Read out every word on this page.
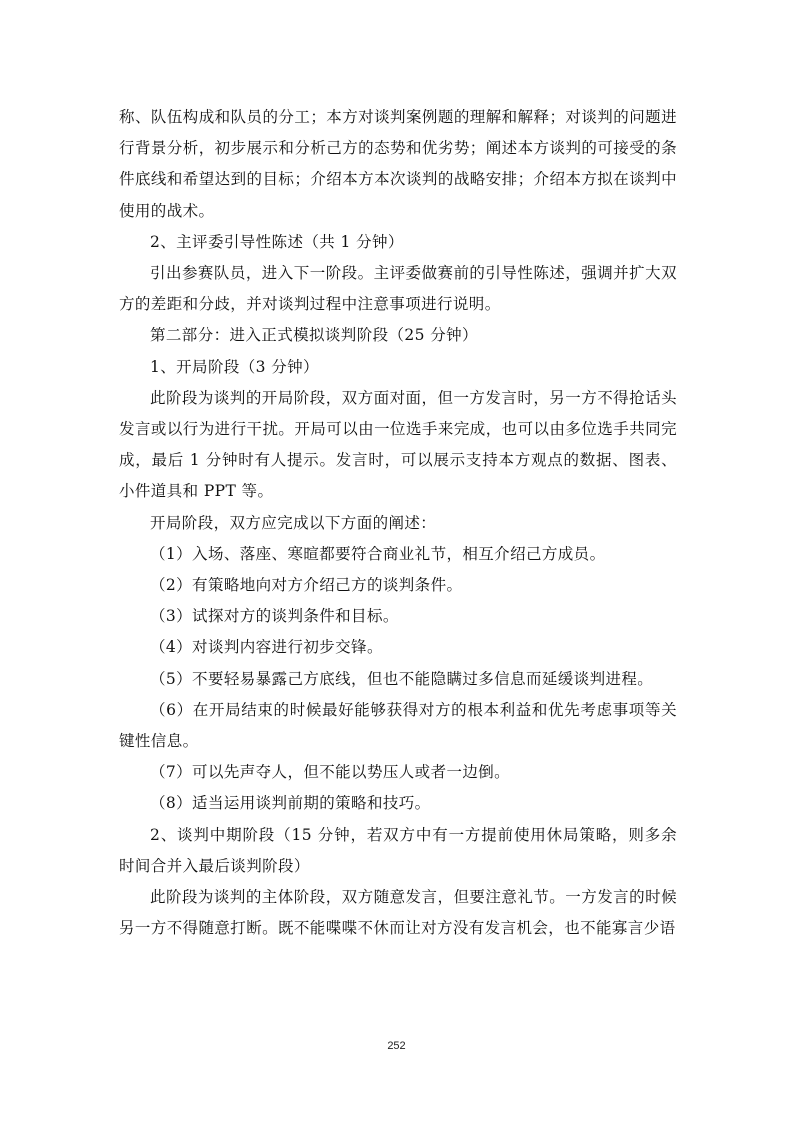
称、队伍构成和队员的分工；本方对谈判案例题的理解和解释；对谈判的问题进行背景分析，初步展示和分析己方的态势和优劣势；阐述本方谈判的可接受的条件底线和希望达到的目标；介绍本方本次谈判的战略安排；介绍本方拟在谈判中使用的战术。

2、主评委引导性陈述（共 1 分钟）

引出参赛队员，进入下一阶段。主评委做赛前的引导性陈述，强调并扩大双方的差距和分歧，并对谈判过程中注意事项进行说明。

第二部分：进入正式模拟谈判阶段（25 分钟）

1、开局阶段（3 分钟）

此阶段为谈判的开局阶段，双方面对面，但一方发言时，另一方不得抢话头发言或以行为进行干扰。开局可以由一位选手来完成，也可以由多位选手共同完成，最后 1 分钟时有人提示。发言时，可以展示支持本方观点的数据、图表、小件道具和 PPT 等。

开局阶段，双方应完成以下方面的阐述：

（1）入场、落座、寒暄都要符合商业礼节，相互介绍己方成员。

（2）有策略地向对方介绍己方的谈判条件。

（3）试探对方的谈判条件和目标。

（4）对谈判内容进行初步交锋。

（5）不要轻易暴露己方底线，但也不能隐瞒过多信息而延缓谈判进程。

（6）在开局结束的时候最好能够获得对方的根本利益和优先考虑事项等关键性信息。

（7）可以先声夺人，但不能以势压人或者一边倒。

（8）适当运用谈判前期的策略和技巧。

2、谈判中期阶段（15 分钟，若双方中有一方提前使用休局策略，则多余时间合并入最后谈判阶段）

此阶段为谈判的主体阶段，双方随意发言，但要注意礼节。一方发言的时候另一方不得随意打断。既不能喋喋不休而让对方没有发言机会，也不能寡言少语

252
